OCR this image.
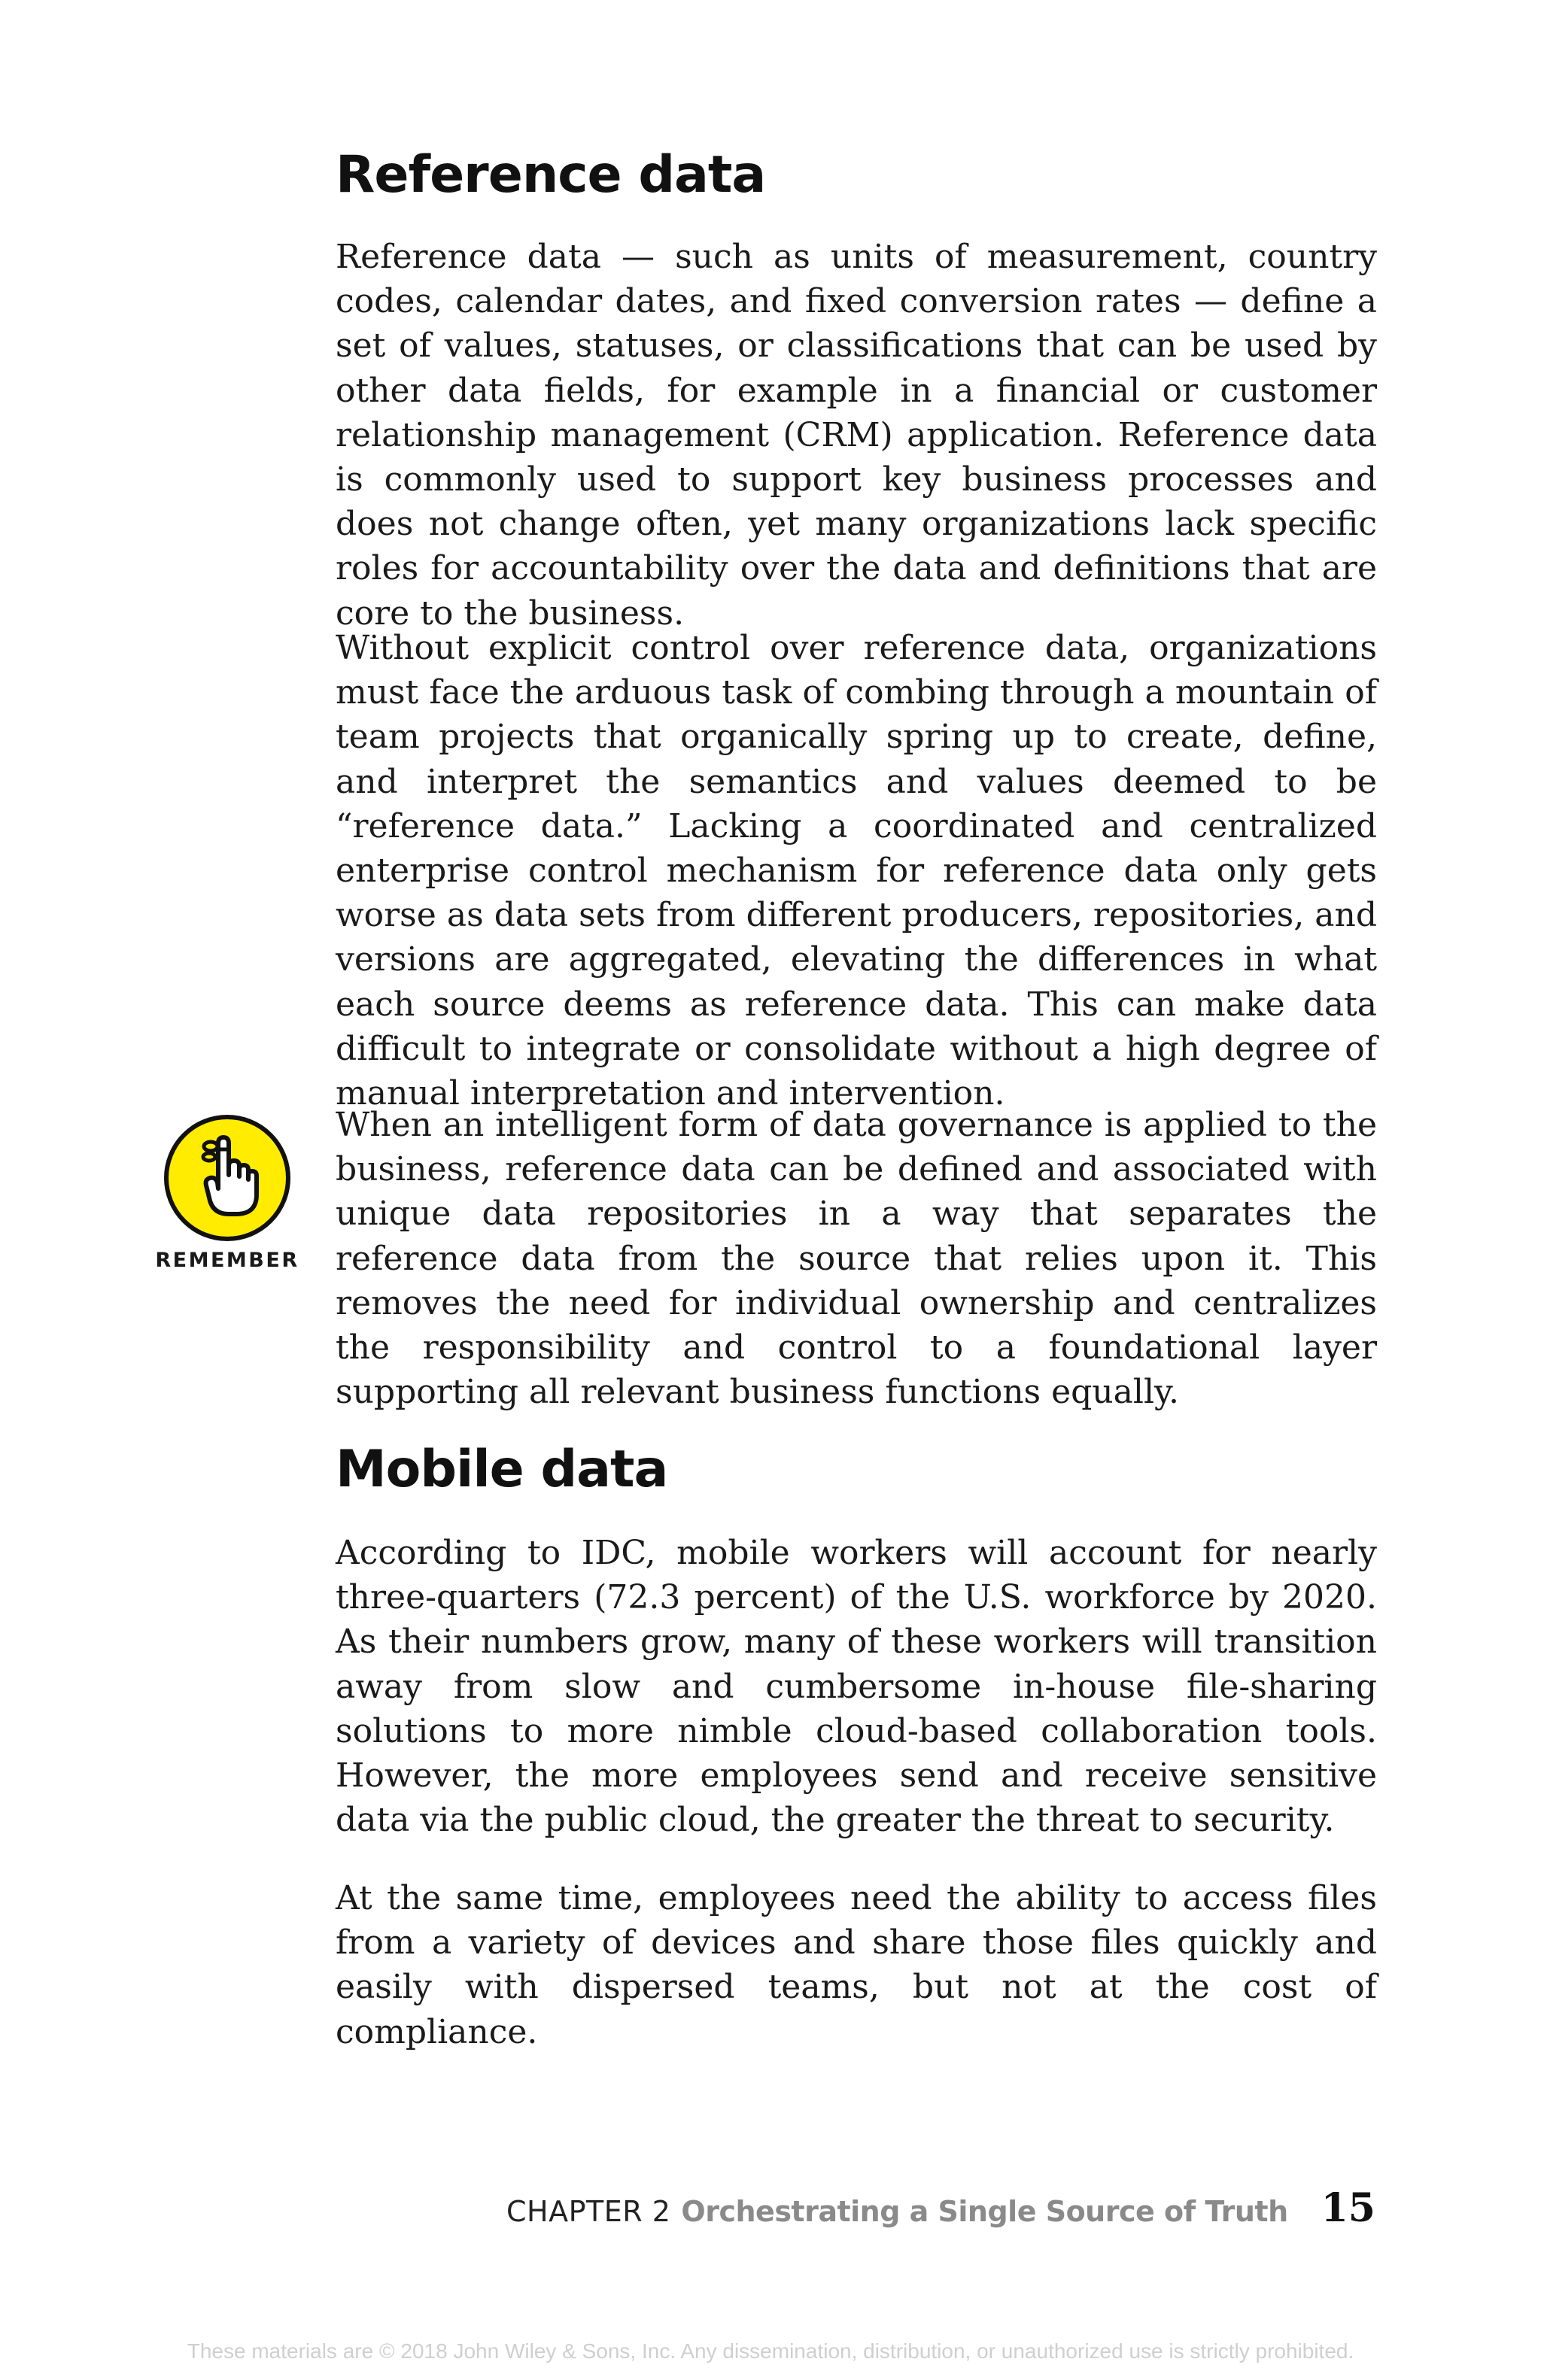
Reference data

Reference data — such as units of measurement, country codes, calendar dates, and fixed conversion rates — define a set of values, statuses, or classifications that can be used by other data fields, for example in a financial or customer relationship management (CRM) application. Reference data is commonly used to support key business processes and does not change often, yet many organizations lack specific roles for accountability over the data and definitions that are core to the business.

Without explicit control over reference data, organizations must face the arduous task of combing through a mountain of team projects that organically spring up to create, define, and interpret the semantics and values deemed to be “reference data.” Lacking a coordinated and centralized enterprise control mechanism for reference data only gets worse as data sets from different producers, repositories, and versions are aggregated, elevating the differences in what each source deems as reference data. This can make data difficult to integrate or consolidate without a high degree of manual interpretation and intervention.

REMEMBER

When an intelligent form of data governance is applied to the business, reference data can be defined and associated with unique data repositories in a way that separates the reference data from the source that relies upon it. This removes the need for individual ownership and centralizes the responsibility and control to a foundational layer supporting all relevant business functions equally.

Mobile data

According to IDC, mobile workers will account for nearly three-quarters (72.3 percent) of the U.S. workforce by 2020. As their numbers grow, many of these workers will transition away from slow and cumbersome in-house file-sharing solutions to more nimble cloud-based collaboration tools. However, the more employees send and receive sensitive data via the public cloud, the greater the threat to security.

At the same time, employees need the ability to access files from a variety of devices and share those files quickly and easily with dispersed teams, but not at the cost of compliance.

CHAPTER 2 Orchestrating a Single Source of Truth 15
These materials are © 2018 John Wiley & Sons, Inc. Any dissemination, distribution, or unauthorized use is strictly prohibited.
